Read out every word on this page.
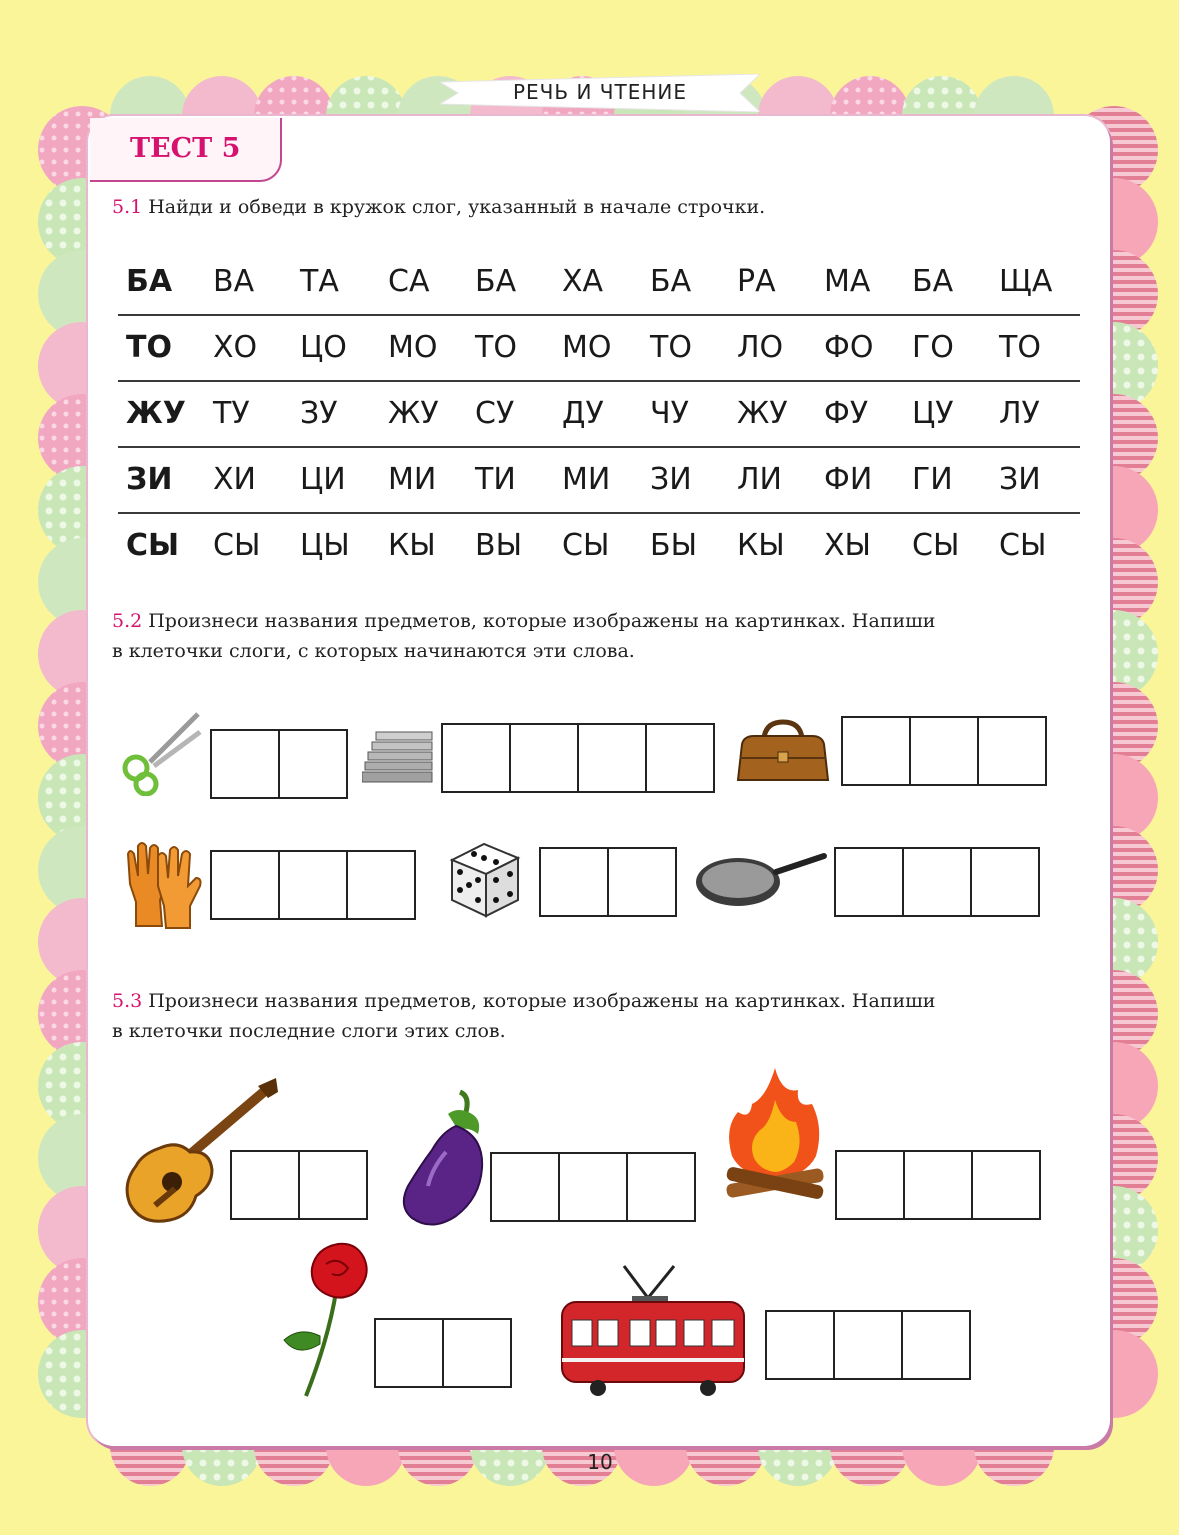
РЕЧЬ И ЧТЕНИЕ
ТЕСТ 5
5.1 Найди и обведи в кружок слог, указанный в начале строчки.
БА ВА ТА СА БА ХА БА РА МА БА ЩА
ТО ХО ЦО МО ТО МО ТО ЛО ФО ГО ТО
ЖУ ТУ ЗУ ЖУ СУ ДУ ЧУ ЖУ ФУ ЦУ ЛУ
ЗИ ХИ ЦИ МИ ТИ МИ ЗИ ЛИ ФИ ГИ ЗИ
СЫ СЫ ЦЫ КЫ ВЫ СЫ БЫ КЫ ХЫ СЫ СЫ
5.2 Произнеси названия предметов, которые изображены на картинках. Напиши
в клеточки слоги, с которых начинаются эти слова.
5.3 Произнеси названия предметов, которые изображены на картинках. Напиши
в клеточки последние слоги этих слов.
10
